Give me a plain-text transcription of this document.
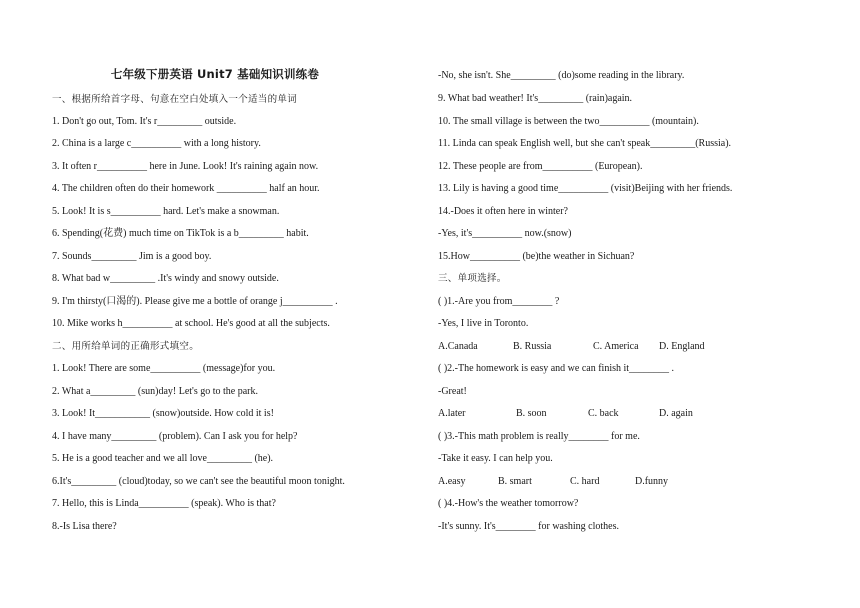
七年级下册英语 Unit7 基础知识训练卷
一、根据所给首字母、句意在空白处填入一个适当的单词
1. Don't go out, Tom. It's r_________ outside.
2. China is a large c__________ with a long history.
3. It often r__________ here in June. Look! It's raining again now.
4. The children often do their homework __________ half an hour.
5. Look! It is s__________ hard. Let's make a snowman.
6. Spending(花费) much time on TikTok is a b_________ habit.
7. Sounds_________ Jim is a good boy.
8. What bad w_________ .It's windy and snowy outside.
9. I'm thirsty(口渴的). Please give me a bottle of orange j__________ .
10. Mike works h__________ at school. He's good at all the subjects.
二、用所给单词的正确形式填空。
1. Look! There are some__________ (message)for you.
2. What a_________ (sun)day! Let's go to the park.
3. Look! It___________ (snow)outside. How cold it is!
4. I have many_________ (problem). Can I ask you for help?
5. He is a good teacher and we all love_________ (he).
6.It's_________ (cloud)today, so we can't see the beautiful moon tonight.
7. Hello, this is Linda__________ (speak). Who is that?
8.-Is Lisa there?
-No, she isn't. She_________ (do)some reading in the library.
9. What bad weather! It's_________ (rain)again.
10. The small village is between the two__________ (mountain).
11. Linda can speak English well, but she can't speak_________(Russia).
12. These people are from__________ (European).
13. Lily is having a good time__________ (visit)Beijing with her friends.
14.-Does it often here in winter?
-Yes, it's__________ now.(snow)
15.How__________ (be)the weather in Sichuan?
三、单项选择。
( )1.-Are you from________ ?
-Yes, I live in Toronto.
A.Canada	B. Russia	C. America D. England
( )2.-The homework is easy and we can finish it________ .
-Great!
A.later	B. soon	C. back	D. again
( )3.-This math problem is really________ for me.
-Take it easy. I can help you.
A.easy	B. smart	C. hard	D.funny
( )4.-How's the weather tomorrow?
-It's sunny. It's________ for washing clothes.
